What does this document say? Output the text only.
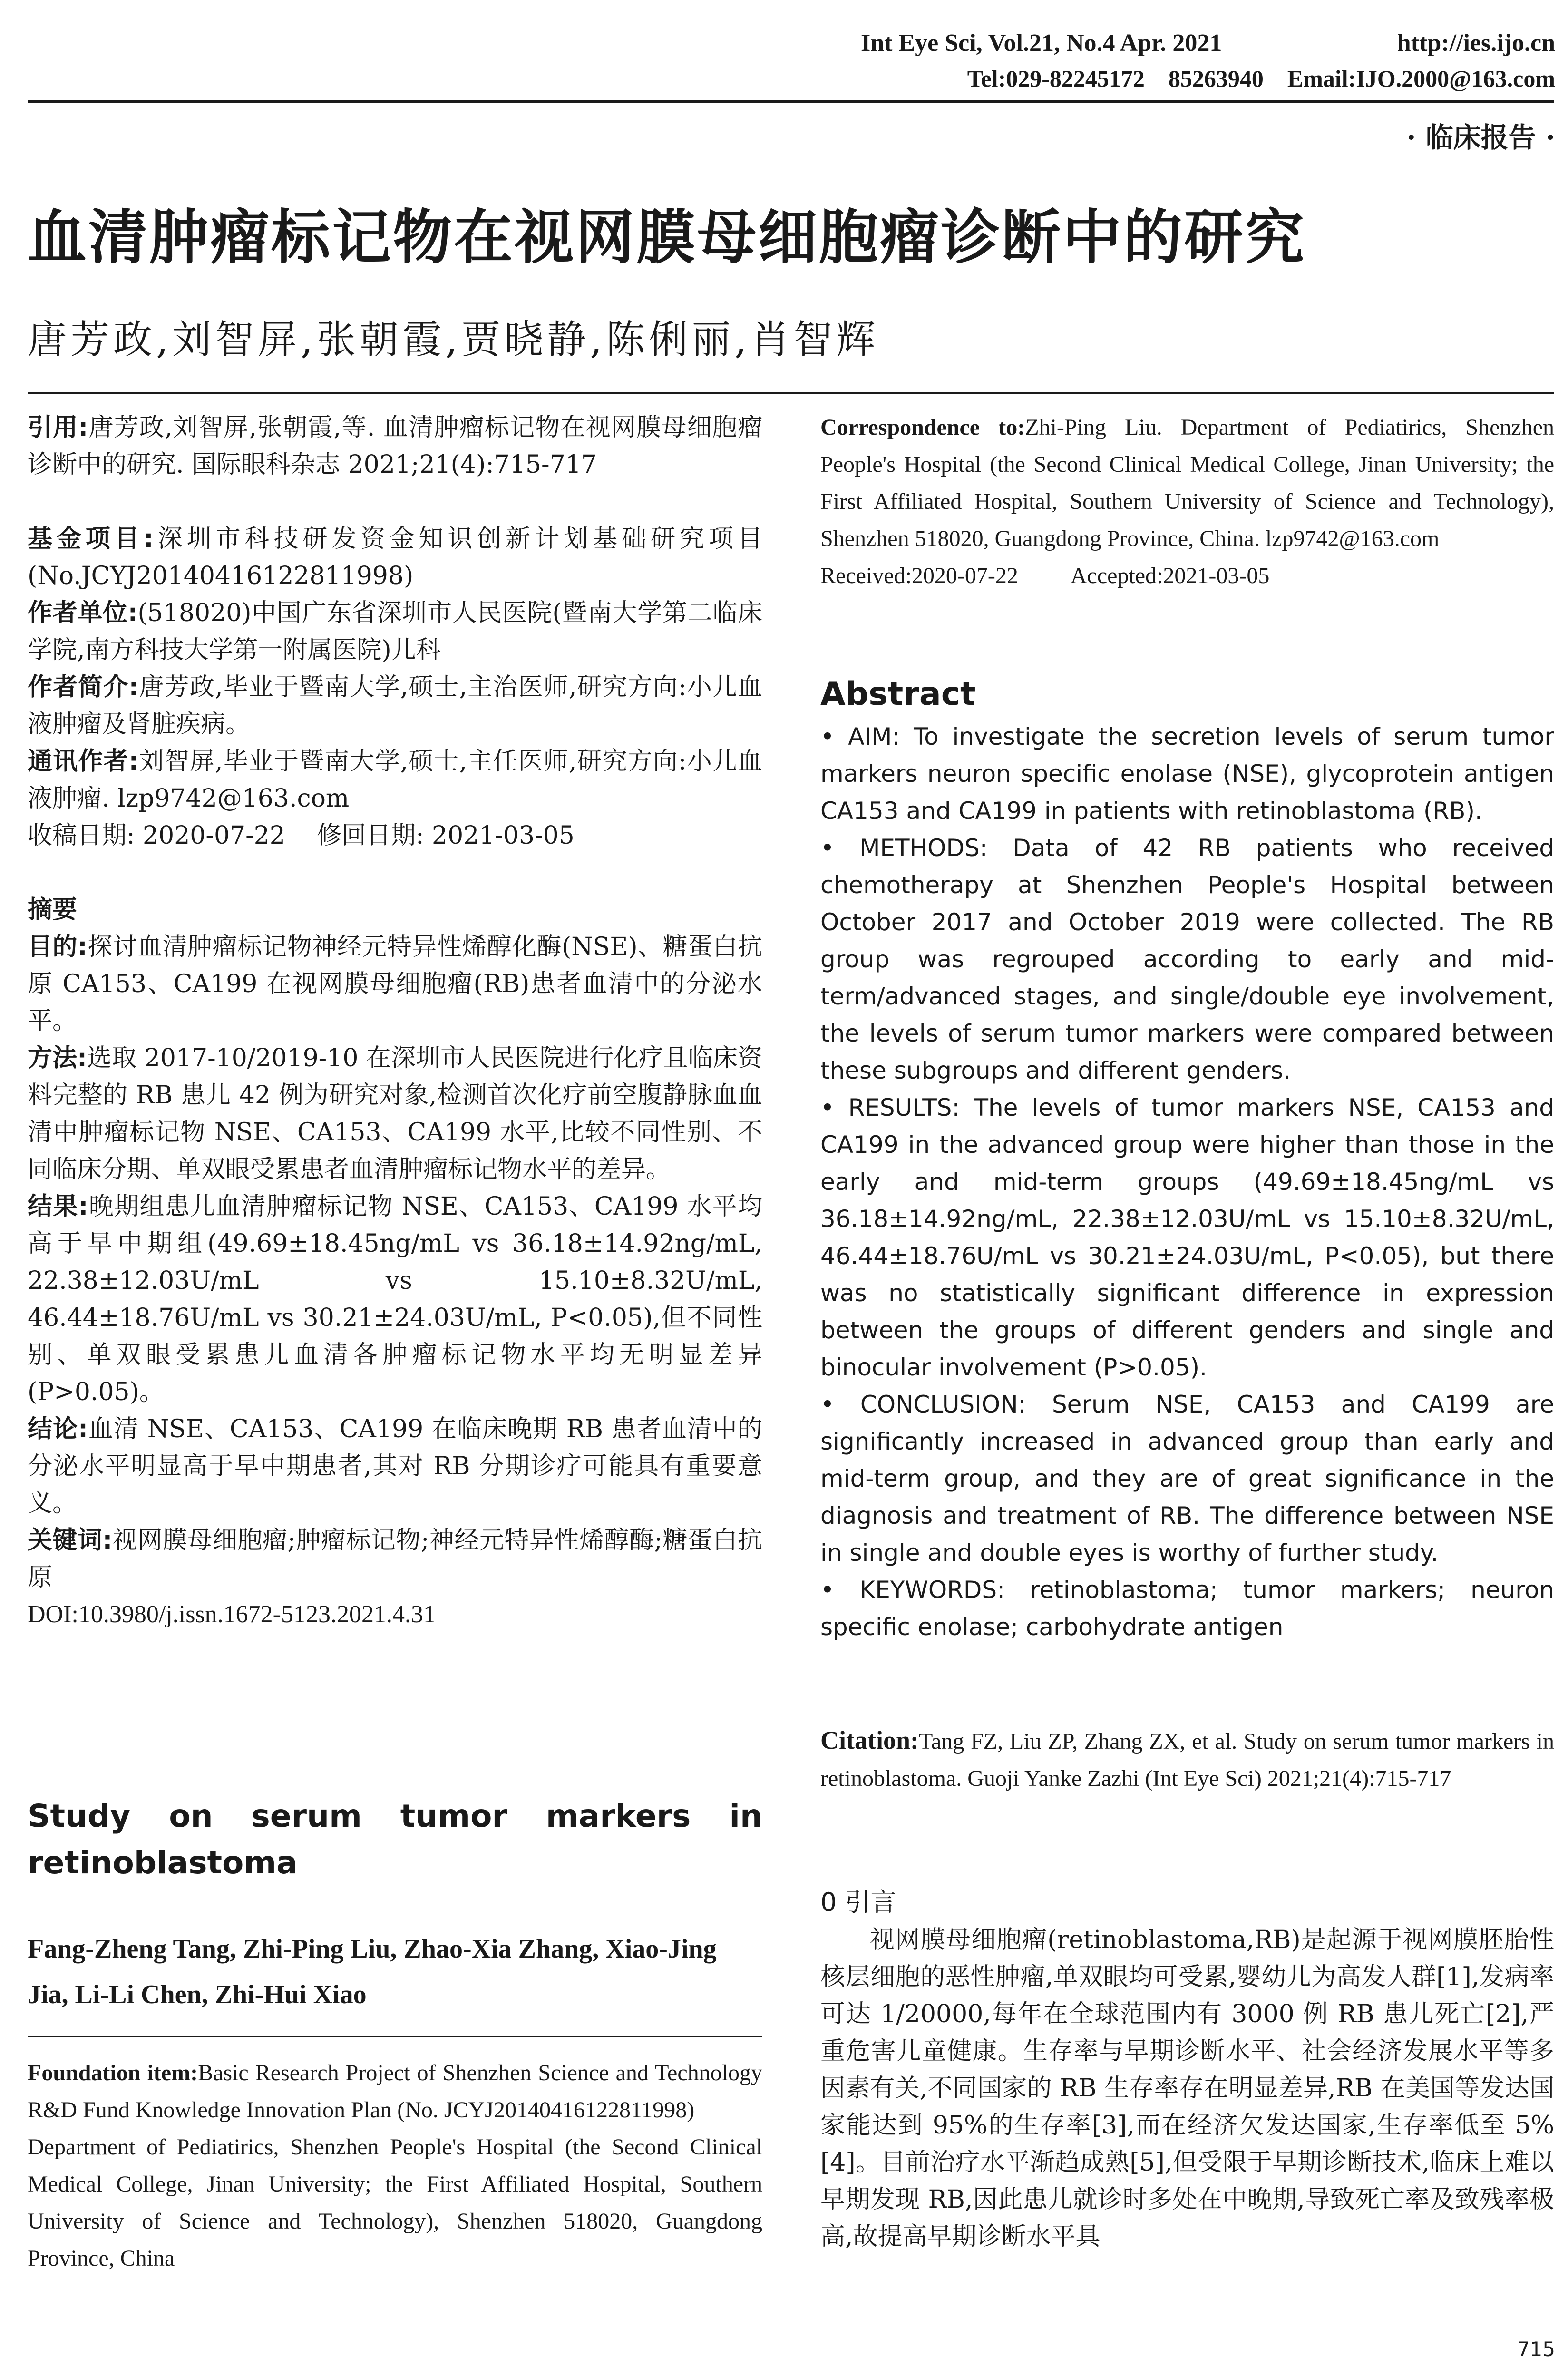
Int Eye Sci, Vol.21, No.4 Apr. 2021	http://ies.ijo.cn
Tel:029-82245172    85263940    Email:IJO.2000@163.com
· 临床报告 ·
血清肿瘤标记物在视网膜母细胞瘤诊断中的研究
唐芳政,刘智屏,张朝霞,贾晓静,陈俐丽,肖智辉

引用:唐芳政,刘智屏,张朝霞,等. 血清肿瘤标记物在视网膜母细胞瘤诊断中的研究. 国际眼科杂志 2021;21(4):715-717

基金项目:深圳市科技研发资金知识创新计划基础研究项目(No.JCYJ20140416122811998)

作者单位:(518020)中国广东省深圳市人民医院(暨南大学第二临床学院,南方科技大学第一附属医院)儿科

作者简介:唐芳政,毕业于暨南大学,硕士,主治医师,研究方向:小儿血液肿瘤及肾脏疾病。

通讯作者:刘智屏,毕业于暨南大学,硕士,主任医师,研究方向:小儿血液肿瘤. lzp9742@163.com

收稿日期: 2020-07-22    修回日期: 2021-03-05

摘要

目的:探讨血清肿瘤标记物神经元特异性烯醇化酶(NSE)、糖蛋白抗原 CA153、CA199 在视网膜母细胞瘤(RB)患者血清中的分泌水平。

方法:选取 2017-10/2019-10 在深圳市人民医院进行化疗且临床资料完整的 RB 患儿 42 例为研究对象,检测首次化疗前空腹静脉血血清中肿瘤标记物 NSE、CA153、CA199 水平,比较不同性别、不同临床分期、单双眼受累患者血清肿瘤标记物水平的差异。

结果:晚期组患儿血清肿瘤标记物 NSE、CA153、CA199 水平均高于早中期组(49.69±18.45ng/mL vs 36.18±14.92ng/mL, 22.38±12.03U/mL vs 15.10±8.32U/mL, 46.44±18.76U/mL vs 30.21±24.03U/mL, P<0.05),但不同性别、单双眼受累患儿血清各肿瘤标记物水平均无明显差异(P>0.05)。

结论:血清 NSE、CA153、CA199 在临床晚期 RB 患者血清中的分泌水平明显高于早中期患者,其对 RB 分期诊疗可能具有重要意义。

关键词:视网膜母细胞瘤;肿瘤标记物;神经元特异性烯醇酶;糖蛋白抗原

DOI:10.3980/j.issn.1672-5123.2021.4.31

Study on serum tumor markers in retinoblastoma
Fang-Zheng Tang, Zhi-Ping Liu, Zhao-Xia Zhang, Xiao-Jing Jia, Li-Li Chen, Zhi-Hui Xiao

Foundation item:Basic Research Project of Shenzhen Science and Technology R&D Fund Knowledge Innovation Plan (No. JCYJ20140416122811998)

Department of Pediatirics, Shenzhen People's Hospital (the Second Clinical Medical College, Jinan University; the First Affiliated Hospital, Southern University of Science and Technology), Shenzhen 518020, Guangdong Province, China

Correspondence to:Zhi-Ping Liu. Department of Pediatirics, Shenzhen People's Hospital (the Second Clinical Medical College, Jinan University; the First Affiliated Hospital, Southern University of Science and Technology), Shenzhen 518020, Guangdong Province, China. lzp9742@163.com

Received:2020-07-22 Accepted:2021-03-05

Abstract

• AIM: To investigate the secretion levels of serum tumor markers neuron specific enolase (NSE), glycoprotein antigen CA153 and CA199 in patients with retinoblastoma (RB).

• METHODS: Data of 42 RB patients who received chemotherapy at Shenzhen People's Hospital between October 2017 and October 2019 were collected. The RB group was regrouped according to early and mid-term/advanced stages, and single/double eye involvement, the levels of serum tumor markers were compared between these subgroups and different genders.

• RESULTS: The levels of tumor markers NSE, CA153 and CA199 in the advanced group were higher than those in the early and mid-term groups (49.69±18.45ng/mL vs 36.18±14.92ng/mL, 22.38±12.03U/mL vs 15.10±8.32U/mL, 46.44±18.76U/mL vs 30.21±24.03U/mL, P<0.05), but there was no statistically significant difference in expression between the groups of different genders and single and binocular involvement (P>0.05).

• CONCLUSION: Serum NSE, CA153 and CA199 are significantly increased in advanced group than early and mid-term group, and they are of great significance in the diagnosis and treatment of RB. The difference between NSE in single and double eyes is worthy of further study.

• KEYWORDS: retinoblastoma; tumor markers; neuron specific enolase; carbohydrate antigen

Citation:Tang FZ, Liu ZP, Zhang ZX, et al. Study on serum tumor markers in retinoblastoma. Guoji Yanke Zazhi (Int Eye Sci) 2021;21(4):715-717

0 引言

视网膜母细胞瘤(retinoblastoma,RB)是起源于视网膜胚胎性核层细胞的恶性肿瘤,单双眼均可受累,婴幼儿为高发人群[1],发病率可达 1/20000,每年在全球范围内有 3000 例 RB 患儿死亡[2],严重危害儿童健康。生存率与早期诊断水平、社会经济发展水平等多因素有关,不同国家的 RB 生存率存在明显差异,RB 在美国等发达国家能达到 95%的生存率[3],而在经济欠发达国家,生存率低至 5%[4]。目前治疗水平渐趋成熟[5],但受限于早期诊断技术,临床上难以早期发现 RB,因此患儿就诊时多处在中晚期,导致死亡率及致残率极高,故提高早期诊断水平具

715
